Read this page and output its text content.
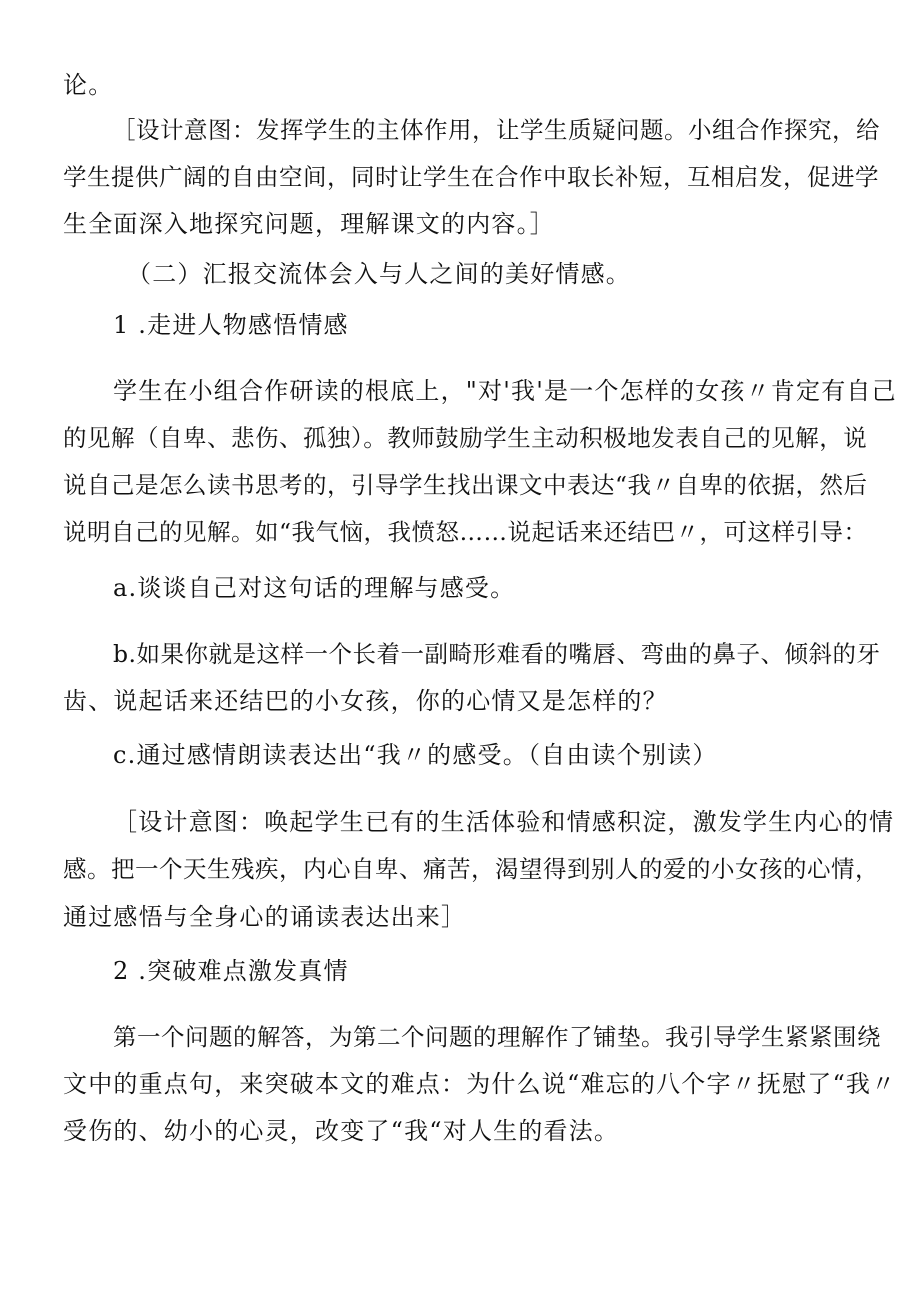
论。
［设计意图：发挥学生的主体作用，让学生质疑问题。小组合作探究，给
学生提供广阔的自由空间，同时让学生在合作中取长补短，互相启发，促进学
生全面深入地探究问题，理解课文的内容。］
（二）汇报交流体会入与人之间的美好情感。
1 .走进人物感悟情感
学生在小组合作研读的根底上，"对'我'是一个怎样的女孩〃肯定有自己
的见解（自卑、悲伤、孤独）。教师鼓励学生主动积极地发表自己的见解，说
说自己是怎么读书思考的，引导学生找出课文中表达“我〃自卑的依据，然后
说明自己的见解。如“我气恼，我愤怒……说起话来还结巴〃，可这样引导：
a.谈谈自己对这句话的理解与感受。
b.如果你就是这样一个长着一副畸形难看的嘴唇、弯曲的鼻子、倾斜的牙
齿、说起话来还结巴的小女孩，你的心情又是怎样的？
c.通过感情朗读表达出“我〃的感受。（自由读个别读）
［设计意图：唤起学生已有的生活体验和情感积淀，激发学生内心的情
感。把一个天生残疾，内心自卑、痛苦，渴望得到别人的爱的小女孩的心情，
通过感悟与全身心的诵读表达出来］
2 .突破难点激发真情
第一个问题的解答，为第二个问题的理解作了铺垫。我引导学生紧紧围绕
文中的重点句，来突破本文的难点：为什么说“难忘的八个字〃抚慰了“我〃
受伤的、幼小的心灵，改变了“我“对人生的看法。
